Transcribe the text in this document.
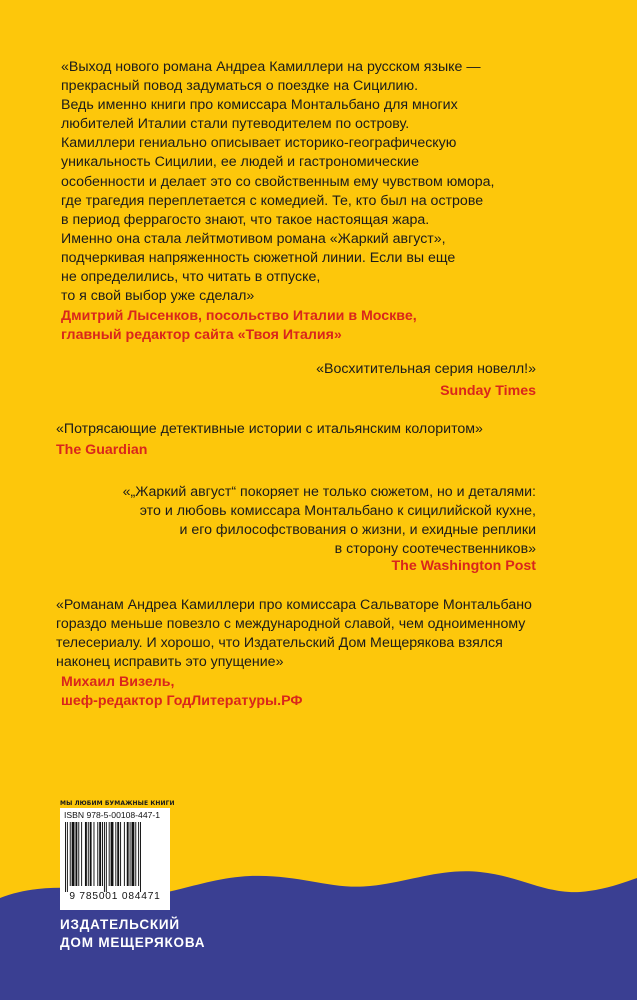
«Выход нового романа Андреа Камиллери на русском языке —
прекрасный повод задуматься о поездке на Сицилию.
Ведь именно книги про комиссара Монтальбано для многих
любителей Италии стали путеводителем по острову.
Камиллери гениально описывает историко-географическую
уникальность Сицилии, ее людей и гастрономические
особенности и делает это со свойственным ему чувством юмора,
где трагедия переплетается с комедией. Те, кто был на острове
в период феррагосто знают, что такое настоящая жара.
Именно она стала лейтмотивом романа «Жаркий август»,
подчеркивая напряженность сюжетной линии. Если вы еще
не определились, что читать в отпуске,
то я свой выбор уже сделал»
Дмитрий Лысенков, посольство Италии в Москве,
главный редактор сайта «Твоя Италия»
«Восхитительная серия новелл!»
Sunday Times
«Потрясающие детективные истории с итальянским колоритом»
The Guardian
«„Жаркий август“ покоряет не только сюжетом, но и деталями:
это и любовь комиссара Монтальбано к сицилийской кухне,
и его философствования о жизни, и ехидные реплики
в сторону соотечественников»
The Washington Post
«Романам Андреа Камиллери про комиссара Сальваторе Монтальбано
гораздо меньше повезло с международной славой, чем одноименному
телесериалу. И хорошо, что Издательский Дом Мещерякова взялся
наконец исправить это упущение»
Михаил Визель,
шеф-редактор ГодЛитературы.РФ
МЫ ЛЮБИМ БУМАЖНЫЕ КНИГИ
ISBN 978-5-00108-447-1
9 785001 084471
ИЗДАТЕЛЬСКИЙ
ДОМ МЕЩЕРЯКОВА
